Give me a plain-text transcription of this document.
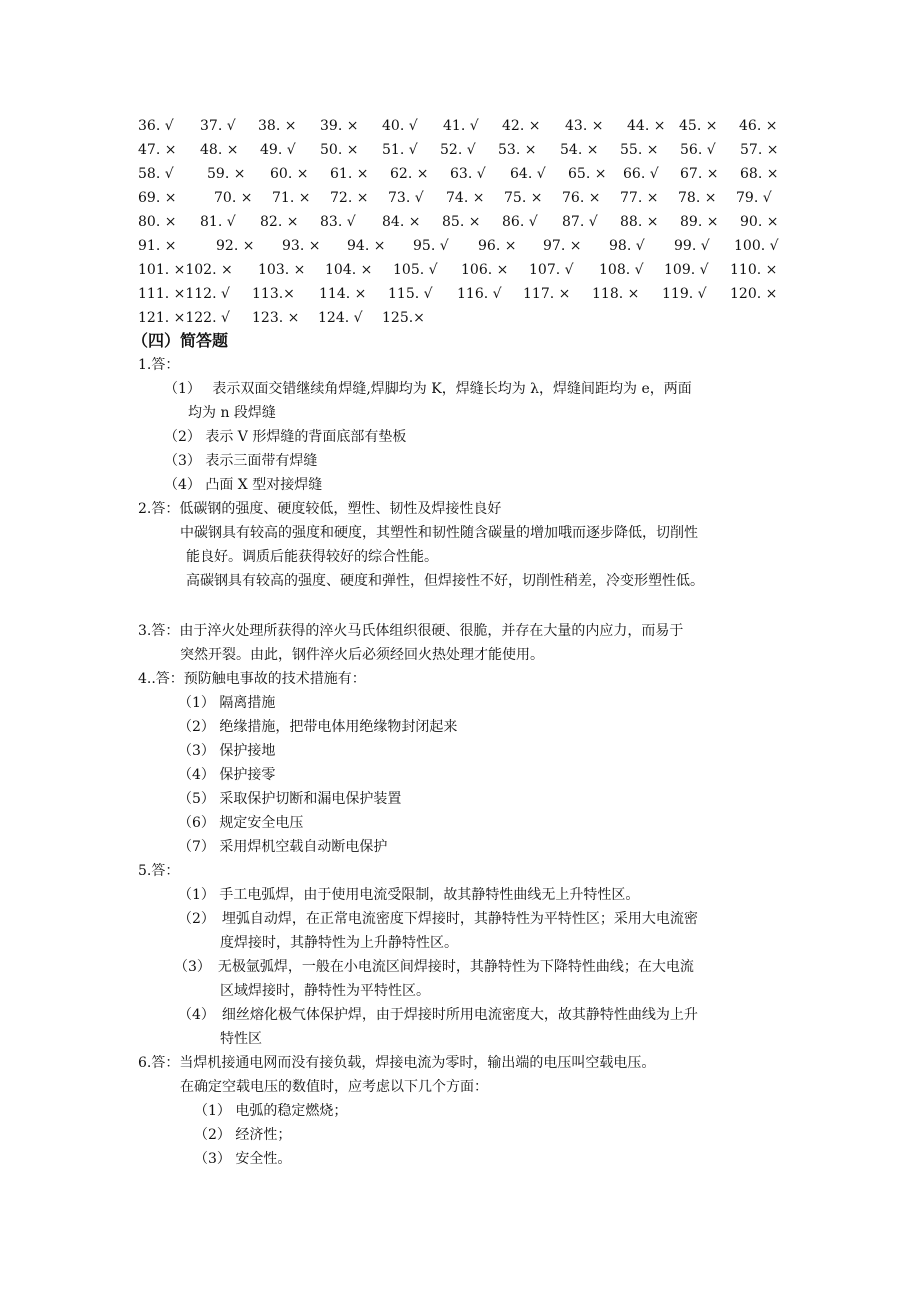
36. √ 37. √ 38. × 39. × 40. √ 41. √ 42. × 43. × 44. × 45. × 46. ×
47. × 48. × 49. √ 50. × 51. √ 52. √ 53. × 54. × 55. × 56. √ 57. ×
58. √ 59. × 60. × 61. × 62. × 63. √ 64. √ 65. × 66. √ 67. × 68. ×
69. ×	70. × 71. × 72. × 73. √ 74. × 75. × 76. × 77. × 78. × 79. √
80. × 81. √ 82. × 83. √ 84. × 85. × 86. √ 87. √ 88. × 89. × 90. ×
91. ×	92. × 93. × 94. × 95. √ 96. × 97. × 98. √ 99. √ 100. √
101. ×102. × 103. × 104. × 105. √ 106. × 107. √ 108. √ 109. √ 110. ×
111. ×112. √ 113.× 114. × 115. √ 116. √ 117. × 118. × 119. √ 120. ×
121. ×122. √ 123. × 124. √ 125.×
（四）简答题
1.答：
（1）　 表示双面交错继续角焊缝,焊脚均为 K，焊缝长均为 λ，焊缝间距均为 e，两面
均为 n 段焊缝
（2） 表示 V 形焊缝的背面底部有垫板
（3） 表示三面带有焊缝
（4） 凸面 X 型对接焊缝
2.答：低碳钢的强度、硬度较低，塑性、韧性及焊接性良好
中碳钢具有较高的强度和硬度，其塑性和韧性随含碳量的增加哦而逐步降低，切削性
能良好。调质后能获得较好的综合性能。
高碳钢具有较高的强度、硬度和弹性，但焊接性不好，切削性稍差，冷变形塑性低。
3.答：由于淬火处理所获得的淬火马氏体组织很硬、很脆，并存在大量的内应力，而易于
突然开裂。由此，钢件淬火后必须经回火热处理才能使用。
4..答：预防触电事故的技术措施有：
（1） 隔离措施
（2） 绝缘措施，把带电体用绝缘物封闭起来
（3） 保护接地
（4） 保护接零
（5） 采取保护切断和漏电保护装置
（6） 规定安全电压
（7） 采用焊机空载自动断电保护
5.答：
（1） 手工电弧焊，由于使用电流受限制，故其静特性曲线无上升特性区。
（2）　埋弧自动焊，在正常电流密度下焊接时，其静特性为平特性区；采用大电流密
度焊接时，其静特性为上升静特性区。
（3）　无极氩弧焊，一般在小电流区间焊接时，其静特性为下降特性曲线；在大电流
区域焊接时，静特性为平特性区。
（4）　细丝熔化极气体保护焊，由于焊接时所用电流密度大，故其静特性曲线为上升
特性区
6.答：当焊机接通电网而没有接负载，焊接电流为零时，输出端的电压叫空载电压。
在确定空载电压的数值时，应考虑以下几个方面：
（1） 电弧的稳定燃烧；
（2） 经济性；
（3） 安全性。
